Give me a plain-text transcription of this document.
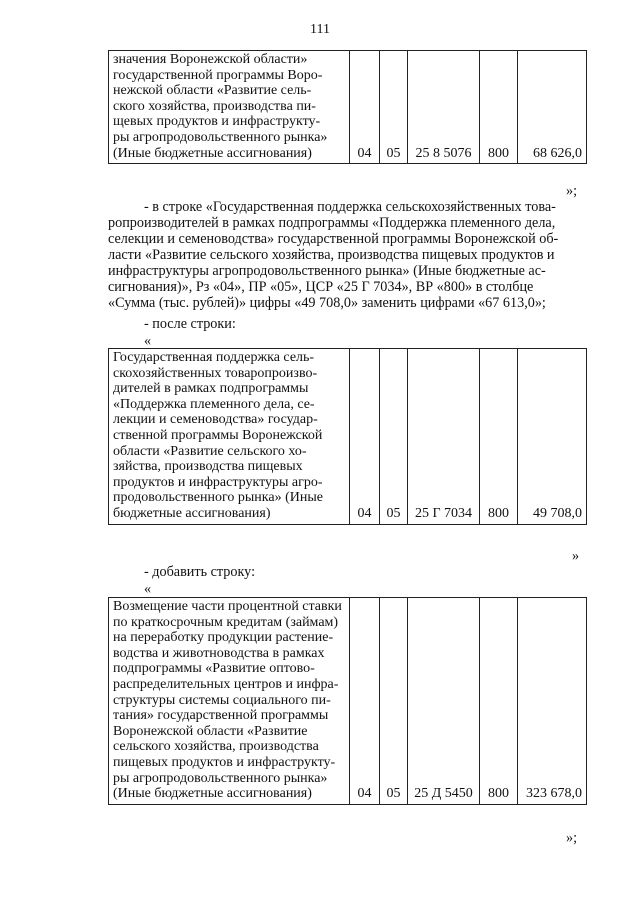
111
значения Воронежской области»
государственной программы Воро-
нежской области «Развитие сель-
ского хозяйства, производства пи-
щевых продуктов и инфраструкту-
ры агропродовольственного рынка»
(Иные бюджетные ассигнования)	04	05	25 8 5076	800	68 626,0
»;
- в строке «Государственная поддержка сельскохозяйственных това-
ропроизводителей в рамках подпрограммы «Поддержка племенного дела,
селекции и семеноводства» государственной программы Воронежской об-
ласти «Развитие сельского хозяйства, производства пищевых продуктов и
инфраструктуры агропродовольственного рынка» (Иные бюджетные ас-
сигнования)», Рз «04», ПР «05», ЦСР «25 Г 7034», ВР «800» в столбце
«Сумма (тыс. рублей)» цифры «49 708,0» заменить цифрами «67 613,0»;
- после строки:
«
Государственная поддержка сель-
скохозяйственных товаропроизво-
дителей в рамках подпрограммы
«Поддержка племенного дела, се-
лекции и семеноводства» государ-
ственной программы Воронежской
области «Развитие сельского хо-
зяйства, производства пищевых
продуктов и инфраструктуры агро-
продовольственного рынка» (Иные
бюджетные ассигнования)	04	05	25 Г 7034	800	49 708,0
»
- добавить строку:
«
Возмещение части процентной ставки
по краткосрочным кредитам (займам)
на переработку продукции растение-
водства и животноводства в рамках
подпрограммы «Развитие оптово-
распределительных центров и инфра-
структуры системы социального пи-
тания» государственной программы
Воронежской области «Развитие
сельского хозяйства, производства
пищевых продуктов и инфраструкту-
ры агропродовольственного рынка»
(Иные бюджетные ассигнования)	04	05	25 Д 5450	800	323 678,0
»;
